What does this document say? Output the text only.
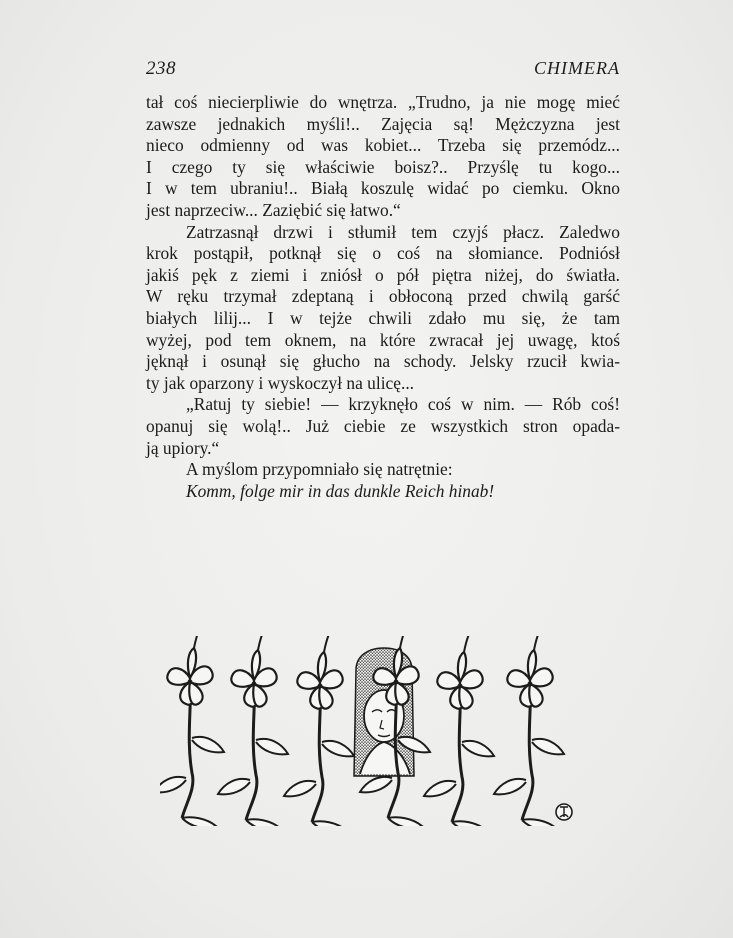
238	CHIMERA

tał coś niecierpliwie do wnętrza. „Trudno, ja nie mogę mieć
zawsze jednakich myśli!.. Zajęcia są! Mężczyzna jest
nieco odmienny od was kobiet... Trzeba się przemódz...
I czego ty się właściwie boisz?.. Przyślę tu kogo...
I w tem ubraniu!.. Białą koszulę widać po ciemku. Okno
jest naprzeciw... Zaziębić się łatwo.“

Zatrzasnął drzwi i stłumił tem czyjś płacz. Zaledwo
krok postąpił, potknął się o coś na słomiance. Podniósł
jakiś pęk z ziemi i zniósł o pół piętra niżej, do światła.
W ręku trzymał zdeptaną i obłoconą przed chwilą garść
białych lilij... I w tejże chwili zdało mu się, że tam
wyżej, pod tem oknem, na które zwracał jej uwagę, ktoś
jęknął i osunął się głucho na schody. Jelsky rzucił kwia-
ty jak oparzony i wyskoczył na ulicę...

„Ratuj ty siebie! — krzyknęło coś w nim. — Rób coś!
opanuj się wolą!.. Już ciebie ze wszystkich stron opada-
ją upiory.“

A myślom przypomniało się natrętnie:

Komm, folge mir in das dunkle Reich hinab!
